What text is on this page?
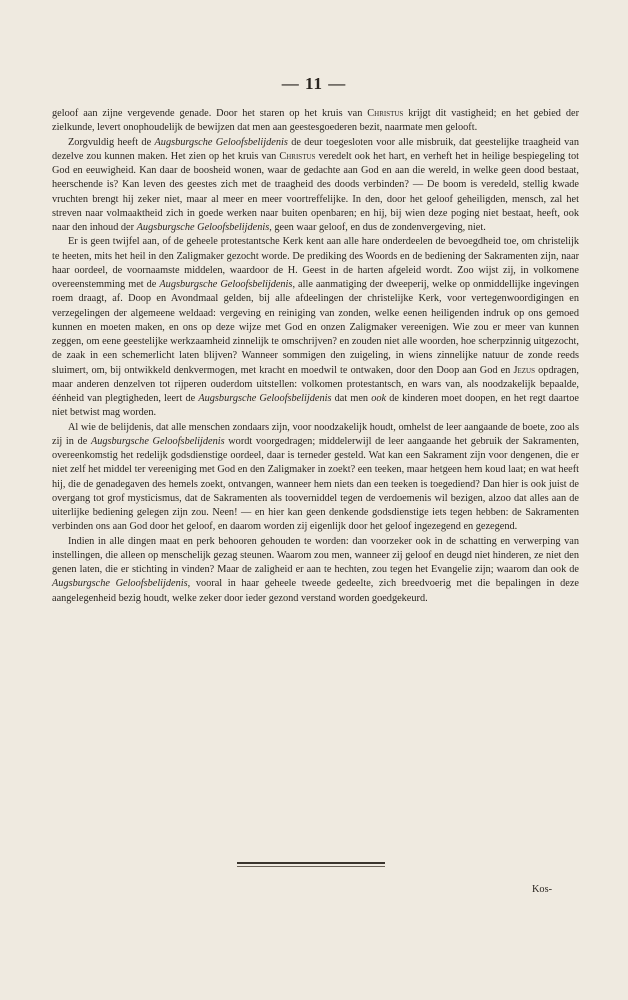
— 11 —

geloof aan zijne vergevende genade. Door het staren op het kruis van Christus krijgt dit vastigheid; en het gebied der zielkunde, levert onophoudelijk de bewijzen dat men aan geestesgoederen bezit, naarmate men gelooft.

Zorgvuldig heeft de Augsburgsche Geloofsbelijdenis de deur toegesloten voor alle misbruik, dat geestelijke traagheid van dezelve zou kunnen maken. Het zien op het kruis van Christus veredelt ook het hart, en verheft het in heilige bespiegeling tot God en eeuwigheid. Kan daar de boosheid wonen, waar de gedachte aan God en aan die wereld, in welke geen dood bestaat, heerschende is? Kan leven des geestes zich met de traagheid des doods verbinden? — De boom is veredeld, stellig kwade vruchten brengt hij zeker niet, maar al meer en meer voortreffelijke. In den, door het geloof geheiligden, mensch, zal het streven naar volmaaktheid zich in goede werken naar buiten openbaren; en hij, bij wien deze poging niet bestaat, heeft, ook naar den inhoud der Augsburgsche Geloofsbelijdenis, geen waar geloof, en dus de zondenvergeving, niet.

Er is geen twijfel aan, of de geheele protestantsche Kerk kent aan alle hare onderdeelen de bevoegdheid toe, om christelijk te heeten, mits het heil in den Zaligmaker gezocht worde. De prediking des Woords en de bediening der Sakramenten zijn, naar haar oordeel, de voornaamste middelen, waardoor de H. Geest in de harten afgeleid wordt. Zoo wijst zij, in volkomene overeenstemming met de Augsburgsche Geloofsbelijdenis, alle aanmatiging der dweeperij, welke op onmiddellijke ingevingen roem draagt, af. Doop en Avondmaal gelden, bij alle afdeelingen der christelijke Kerk, voor vertegenwoordigingen en verzegelingen der algemeene weldaad: vergeving en reiniging van zonden, welke eenen heiligenden indruk op ons gemoed kunnen en moeten maken, en ons op deze wijze met God en onzen Zaligmaker vereenigen. Wie zou er meer van kunnen zeggen, om eene geestelijke werkzaamheid zinnelijk te omschrijven? en zouden niet alle woorden, hoe scherpzinnig uitgezocht, de zaak in een schemerlicht laten blijven? Wanneer sommigen den zuigeling, in wiens zinnelijke natuur de zonde reeds sluimert, om, bij ontwikkeld denkvermogen, met kracht en moedwil te ontwaken, door den Doop aan God en Jezus opdragen, maar anderen denzelven tot rijperen ouderdom uitstellen: volkomen protestantsch, en wars van, als noodzakelijk bepaalde, éénheid van plegtigheden, leert de Augsburgsche Geloofsbelijdenis dat men ook de kinderen moet doopen, en het regt daartoe niet betwist mag worden.

Al wie de belijdenis, dat alle menschen zondaars zijn, voor noodzakelijk houdt, omhelst de leer aangaande de boete, zoo als zij in de Augsburgsche Geloofsbelijdenis wordt voorgedragen; middelerwijl de leer aangaande het gebruik der Sakramenten, overeenkomstig het redelijk godsdienstige oordeel, daar is terneder gesteld. Wat kan een Sakrament zijn voor dengenen, die er niet zelf het middel ter vereeniging met God en den Zaligmaker in zoekt? een teeken, maar hetgeen hem koud laat; en wat heeft hij, die de genadegaven des hemels zoekt, ontvangen, wanneer hem niets dan een teeken is toegediend? Dan hier is ook juist de overgang tot grof mysticismus, dat de Sakramenten als tooverniddel tegen de verdoemenis wil bezigen, alzoo dat alles aan de uiterlijke bediening gelegen zijn zou. Neen! — en hier kan geen denkende godsdienstige iets tegen hebben: de Sakramenten verbinden ons aan God door het geloof, en daarom worden zij eigenlijk door het geloof ingezegend en gezegend.

Indien in alle dingen maat en perk behooren gehouden te worden: dan voorzeker ook in de schatting en verwerping van instellingen, die alleen op menschelijk gezag steunen. Waarom zou men, wanneer zij geloof en deugd niet hinderen, ze niet den genen laten, die er stichting in vinden? Maar de zaligheid er aan te hechten, zou tegen het Evangelie zijn; waarom dan ook de Augsburgsche Geloofsbelijdenis, vooral in haar geheele tweede gedeelte, zich breedvoerig met die bepalingen in deze aangelegenheid bezig houdt, welke zeker door ieder gezond verstand worden goedgekeurd.

Kos-
